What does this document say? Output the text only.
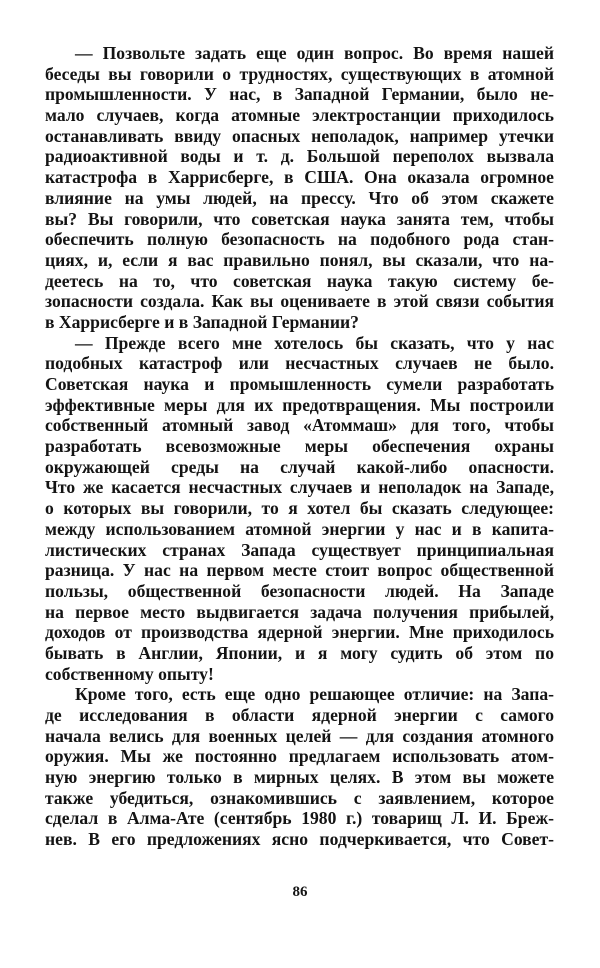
— Позвольте задать еще один вопрос. Во время нашей
беседы вы говорили о трудностях, существующих в атомной
промышленности. У нас, в Западной Германии, было не-
мало случаев, когда атомные электростанции приходилось
останавливать ввиду опасных неполадок, например утечки
радиоактивной воды и т. д. Большой переполох вызвала
катастрофа в Харрисберге, в США. Она оказала огромное
влияние на умы людей, на прессу. Что об этом скажете
вы? Вы говорили, что советская наука занята тем, чтобы
обеспечить полную безопасность на подобного рода стан-
циях, и, если я вас правильно понял, вы сказали, что на-
деетесь на то, что советская наука такую систему бе-
зопасности создала. Как вы оцениваете в этой связи события
в Харрисберге и в Западной Германии?
— Прежде всего мне хотелось бы сказать, что у нас
подобных катастроф или несчастных случаев не было.
Советская наука и промышленность сумели разработать
эффективные меры для их предотвращения. Мы построили
собственный атомный завод «Атоммаш» для того, чтобы
разработать всевозможные меры обеспечения охраны
окружающей среды на случай какой-либо опасности.
Что же касается несчастных случаев и неполадок на Западе,
о которых вы говорили, то я хотел бы сказать следующее:
между использованием атомной энергии у нас и в капита-
листических странах Запада существует принципиальная
разница. У нас на первом месте стоит вопрос общественной
пользы, общественной безопасности людей. На Западе
на первое место выдвигается задача получения прибылей,
доходов от производства ядерной энергии. Мне приходилось
бывать в Англии, Японии, и я могу судить об этом по
собственному опыту!
Кроме того, есть еще одно решающее отличие: на Запа-
де исследования в области ядерной энергии с самого
начала велись для военных целей — для создания атомного
оружия. Мы же постоянно предлагаем использовать атом-
ную энергию только в мирных целях. В этом вы можете
также убедиться, ознакомившись с заявлением, которое
сделал в Алма-Ате (сентябрь 1980 г.) товарищ Л. И. Бреж-
нев. В его предложениях ясно подчеркивается, что Совет-
86
